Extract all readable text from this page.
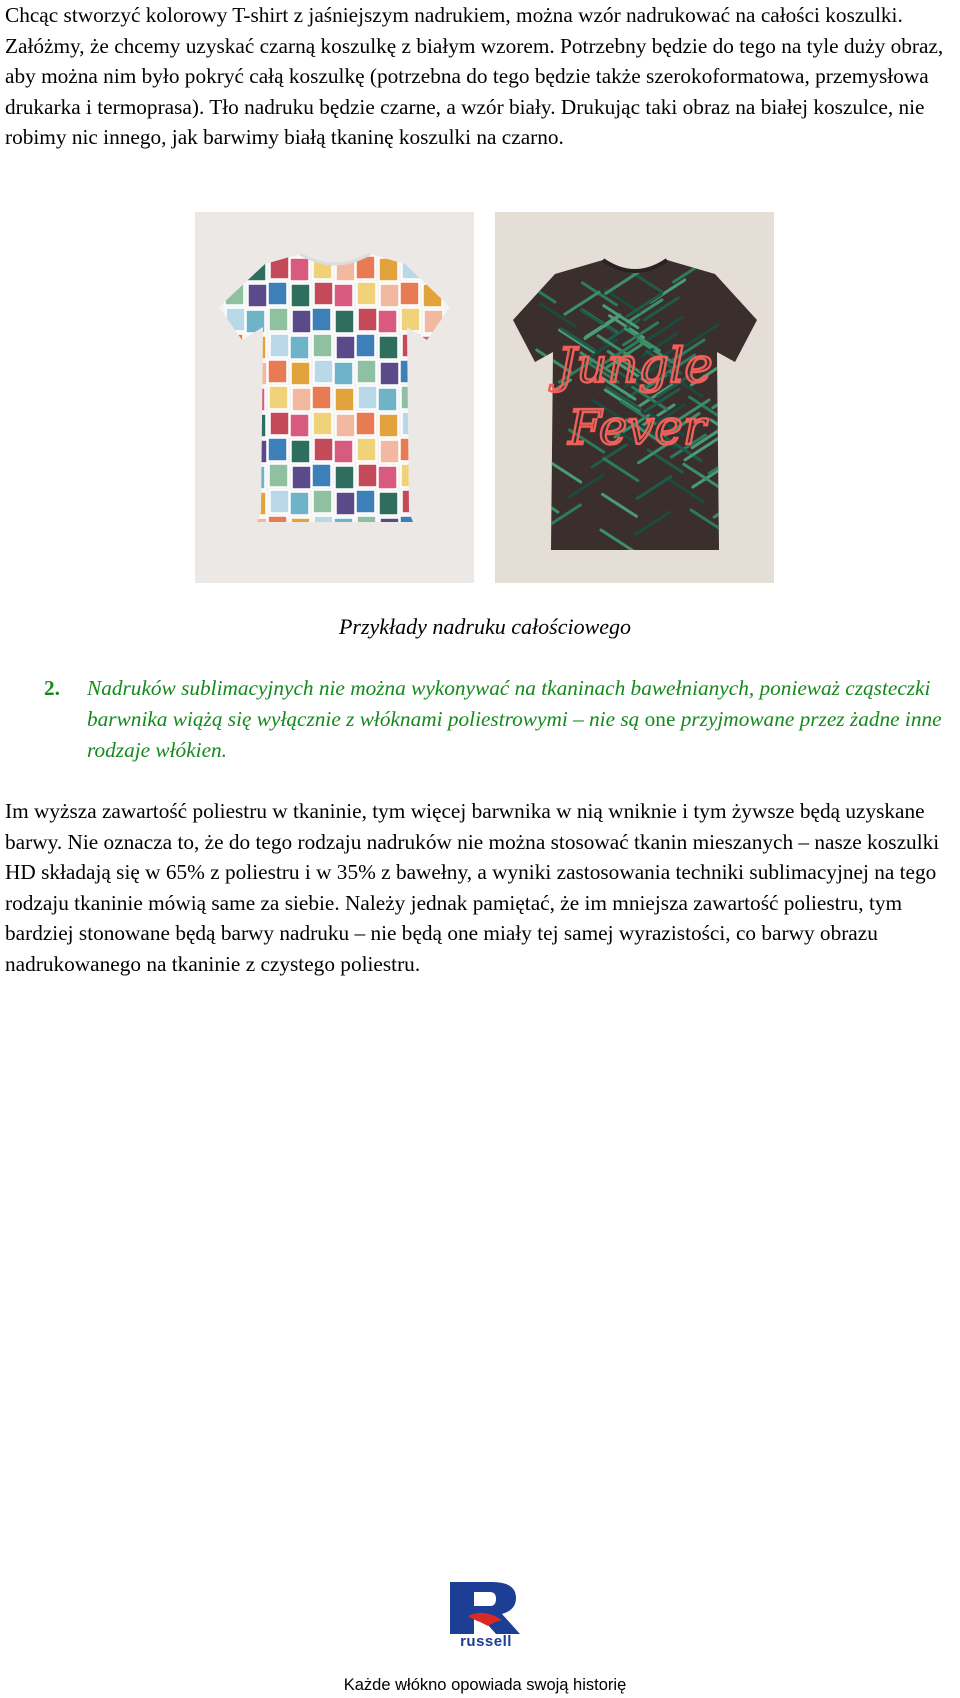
Chcąc stworzyć kolorowy T-shirt z jaśniejszym nadrukiem, można wzór nadrukować na całości koszulki. Załóżmy, że chcemy uzyskać czarną koszulkę z białym wzorem. Potrzebny będzie do tego na tyle duży obraz, aby można nim było pokryć całą koszulkę (potrzebna do tego będzie także szerokoformatowa, przemysłowa drukarka i termoprasa). Tło nadruku będzie czarne, a wzór biały. Drukując taki obraz na białej koszulce, nie robimy nic innego, jak barwimy białą tkaninę koszulki na czarno.

Jungle
Fever

Przykłady nadruku całościowego

2.	Nadruków sublimacyjnych nie można wykonywać na tkaninach bawełnianych, ponieważ cząsteczki barwnika wiążą się wyłącznie z włóknami poliestrowymi – nie są one przyjmowane przez żadne inne rodzaje włókien.

Im wyższa zawartość poliestru w tkaninie, tym więcej barwnika w nią wniknie i tym żywsze będą uzyskane barwy. Nie oznacza to, że do tego rodzaju nadruków nie można stosować tkanin mieszanych – nasze koszulki HD składają się w 65% z poliestru i w 35% z bawełny, a wyniki zastosowania techniki sublimacyjnej na tego rodzaju tkaninie mówią same za siebie. Należy jednak pamiętać, że im mniejsza zawartość poliestru, tym bardziej stonowane będą barwy nadruku – nie będą one miały tej samej wyrazistości, co barwy obrazu nadrukowanego na tkaninie z czystego poliestru.

russell

Każde włókno opowiada swoją historię
